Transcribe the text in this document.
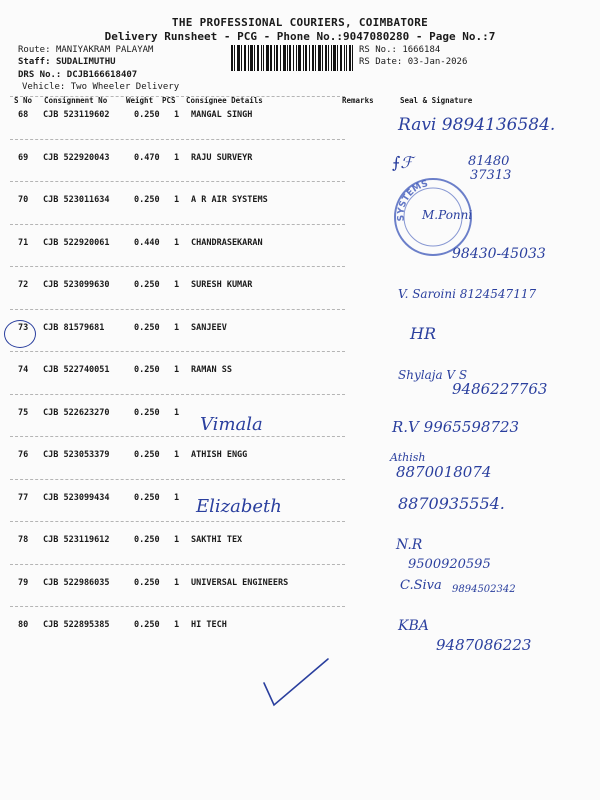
THE PROFESSIONAL COURIERS, COIMBATORE
Delivery Runsheet - PCG - Phone No.:9047080280 - Page No.:7
Route: MANIYAKRAM PALAYAM
Staff: SUDALIMUTHU
DRS No.: DCJB166618407
Vehicle: Two Wheeler Delivery
RS No.: 1666184
RS Date: 03-Jan-2026
S No Consignment No	Weight PCS Consignee Details	Remarks	Seal & Signature
68 CJB 523119602	0.250 1 MANGAL SINGH
69 CJB 522920043	0.470 1 RAJU SURVEYR
70 CJB 523011634	0.250 1 A R AIR SYSTEMS
71 CJB 522920061	0.440 1 CHANDRASEKARAN
72 CJB 523099630	0.250 1 SURESH KUMAR
73 CJB 81579681	0.250 1 SANJEEV
74 CJB 522740051	0.250 1 RAMAN SS
75 CJB 522623270	0.250 1
76 CJB 523053379	0.250 1 ATHISH ENGG
77 CJB 523099434	0.250 1
78 CJB 523119612	0.250 1 SAKTHI TEX
79 CJB 522986035	0.250 1 UNIVERSAL ENGINEERS
80 CJB 522895385	0.250 1 HI TECH
SYSTEMS
Ravi 9894136584.
⨍ℱ	81480
37313
M.Ponni
98430-45033
V. Saroini 8124547117
HR
Shylaja V S
9486227763
Vimala	R.V 9965598723
Athish
8870018074
Elizabeth	8870935554.
N.R
9500920595
C.Siva 9894502342
KBA
9487086223
